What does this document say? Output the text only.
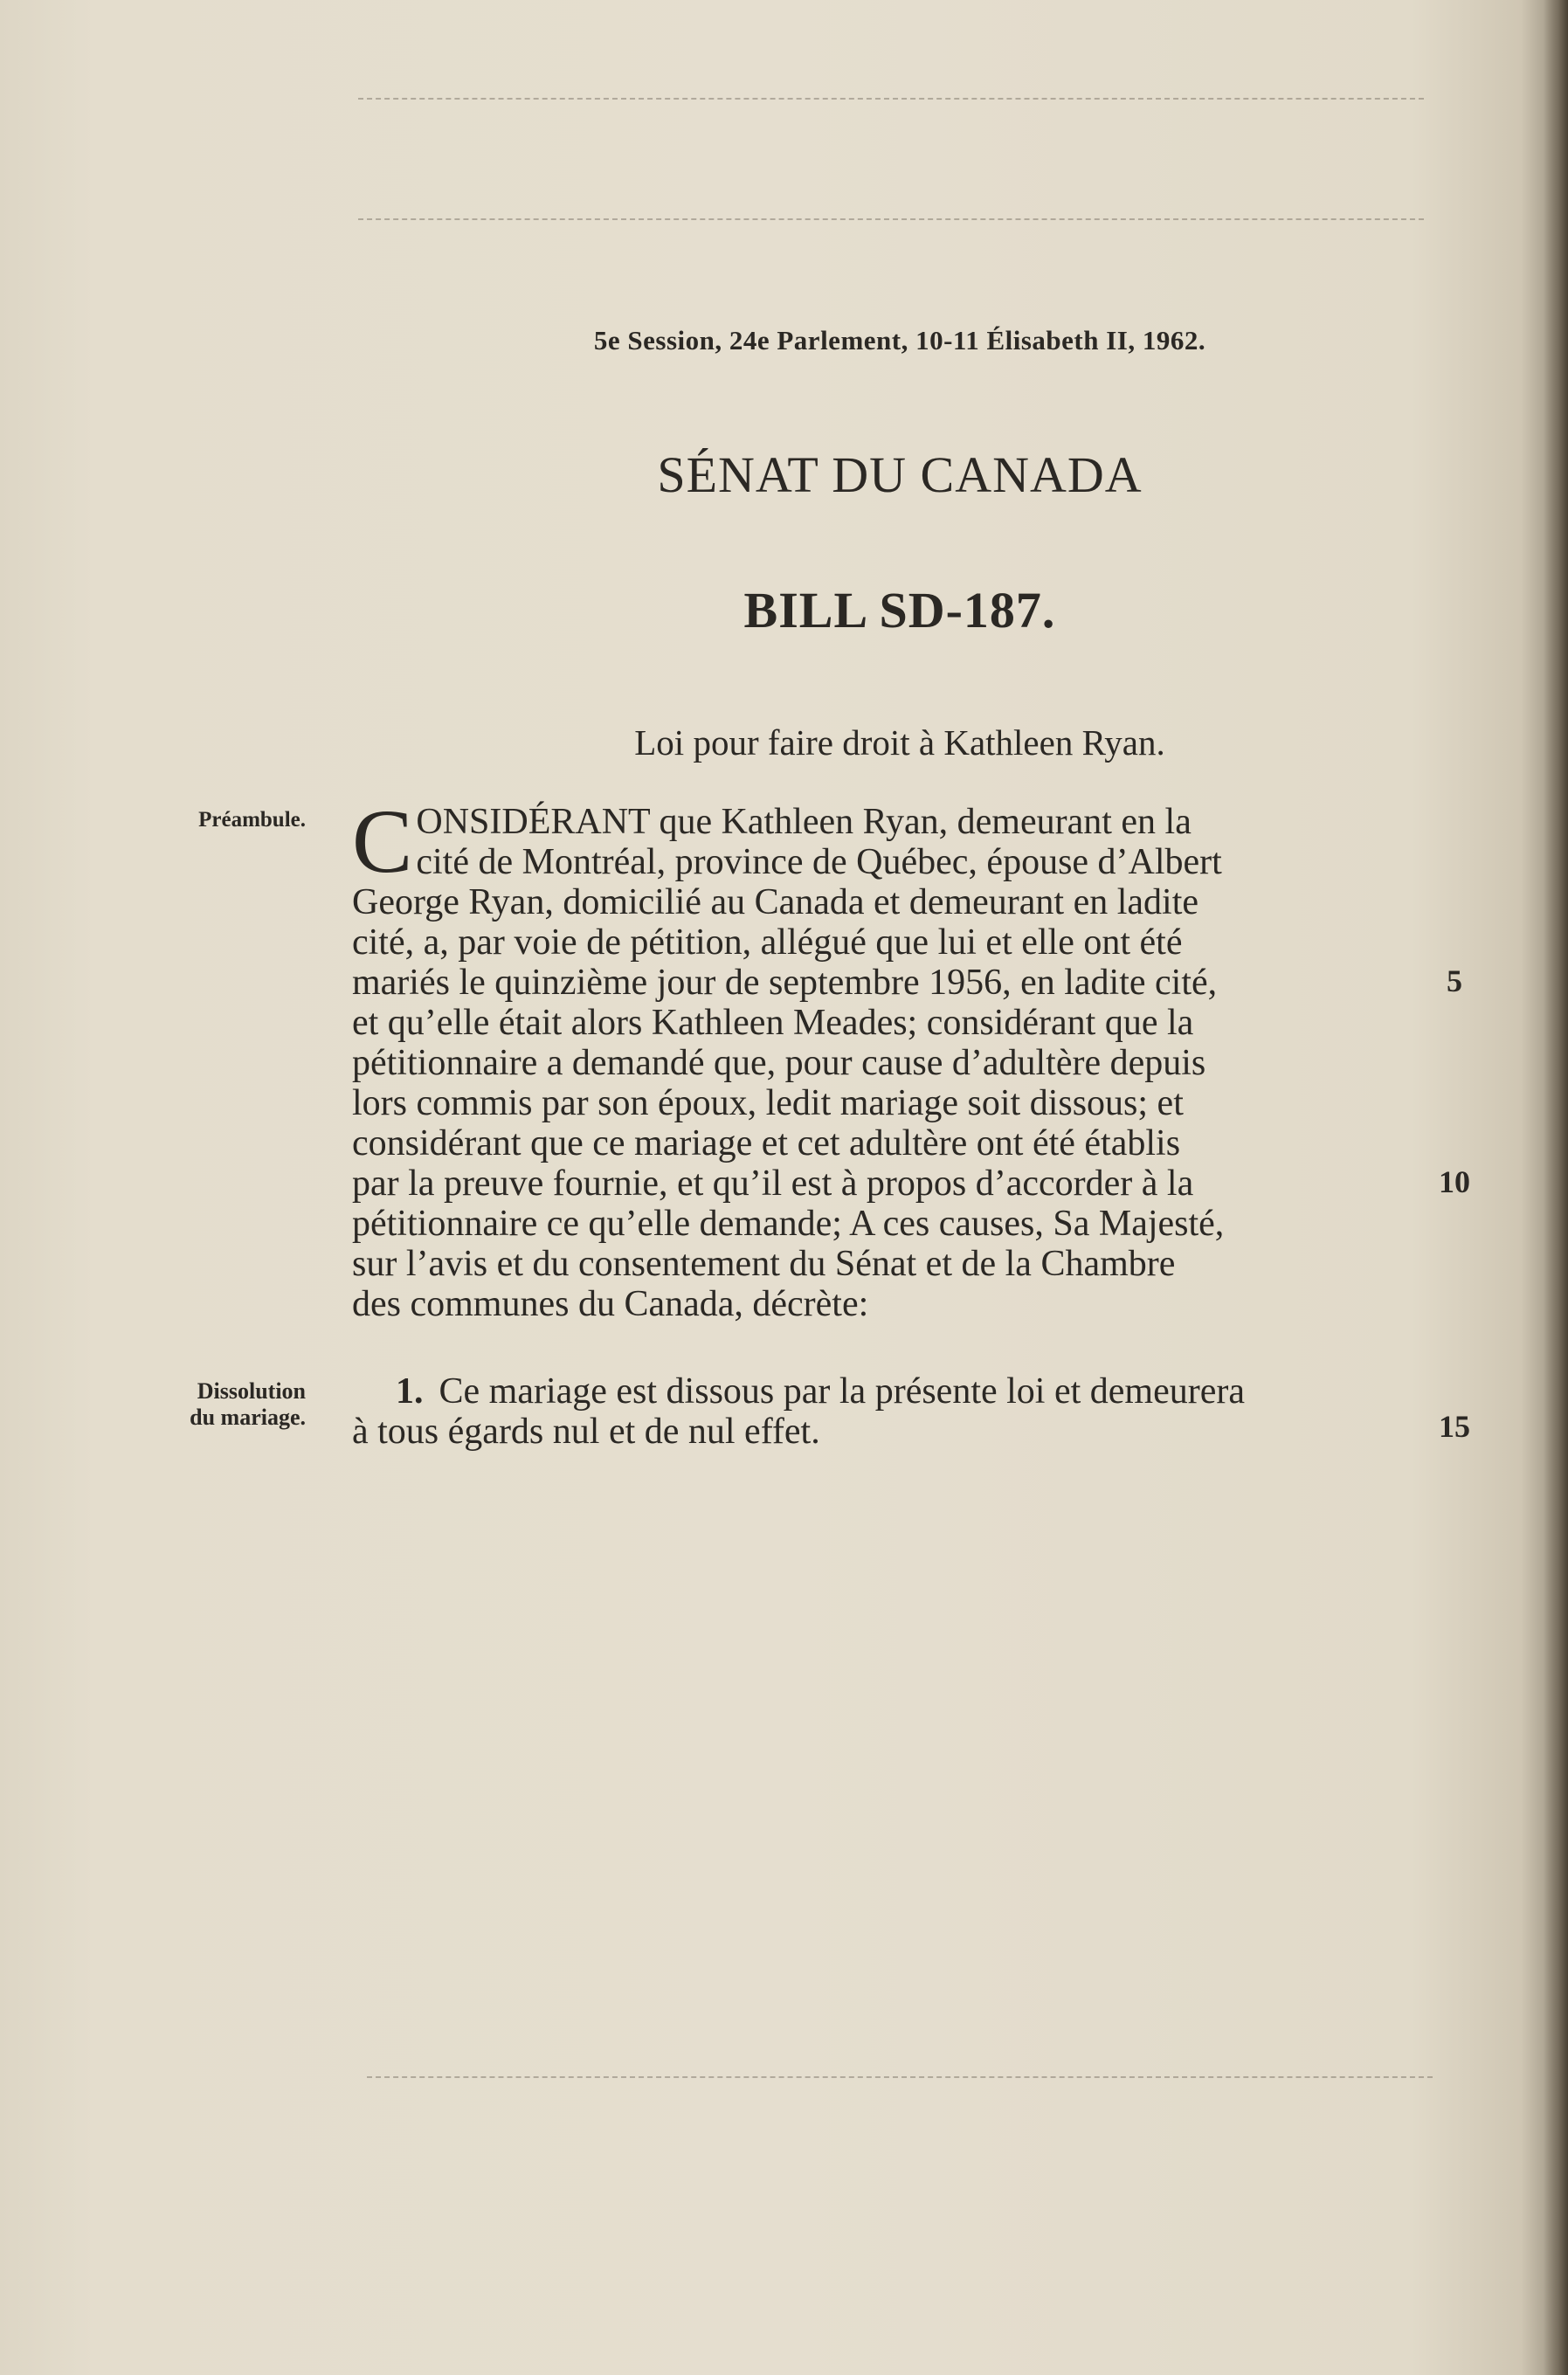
5e Session, 24e Parlement, 10-11 Élisabeth II, 1962.
SÉNAT DU CANADA
BILL SD-187.
Loi pour faire droit à Kathleen Ryan.
Préambule. C ONSIDÉRANT que Kathleen Ryan, demeurant en la
cité de Montréal, province de Québec, épouse d’Albert
George Ryan, domicilié au Canada et demeurant en ladite
cité, a, par voie de pétition, allégué que lui et elle ont été
mariés le quinzième jour de septembre 1956, en ladite cité,
et qu’elle était alors Kathleen Meades; considérant que la
pétitionnaire a demandé que, pour cause d’adultère depuis
lors commis par son époux, ledit mariage soit dissous; et
considérant que ce mariage et cet adultère ont été établis
par la preuve fournie, et qu’il est à propos d’accorder à la
pétitionnaire ce qu’elle demande; A ces causes, Sa Majesté,
sur l’avis et du consentement du Sénat et de la Chambre
des communes du Canada, décrète:
Dissolution
du mariage.
1. Ce mariage est dissous par la présente loi et demeurera
à tous égards nul et de nul effet.
5
10
15
